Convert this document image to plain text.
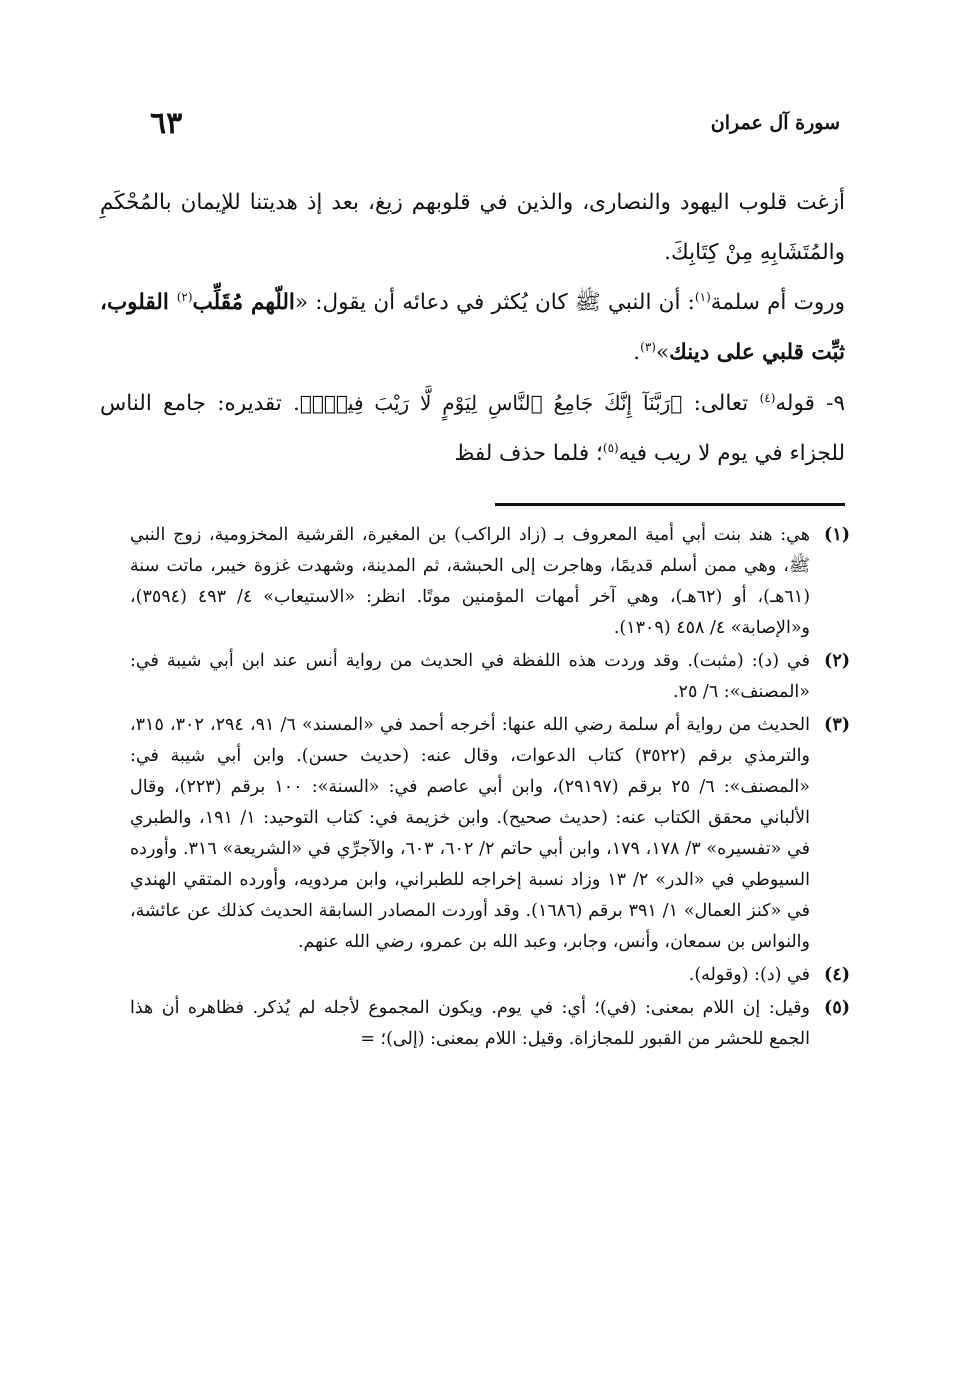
سورة آل عمران
٦٣

أزغت قلوب اليهود والنصارى، والذين في قلوبهم زيغ، بعد إذ هديتنا للإيمان بالمُحْكَمِ والمُتَشَابِهِ مِنْ كِتَابِكَ.

وروت أم سلمة$^{(١)}$: أن النبي ﷺ كان يُكثر في دعائه أن يقول: «اللّهم مُقَلِّب$^{(٢)}$ القلوب، ثبِّت قلبي على دينك»$^{(٣)}$.

٩- قوله$^{(٤)}$ تعالى: ﴿رَبَّنَآ إِنَّكَ جَامِعُ ٱلنَّاسِ لِيَوْمٍ لَّا رَيْبَ فِيهِۚ﴾. تقديره: جامع الناس للجزاء في يوم لا ريب فيه$^{(٥)}$؛ فلما حذف لفظ

(١)
هي: هند بنت أبي أمية المعروف بـ (زاد الراكب) بن المغيرة، القرشية المخزومية، زوج النبي ﷺ، وهي ممن أسلم قديمًا، وهاجرت إلى الحبشة، ثم المدينة، وشهدت غزوة خيبر، ماتت سنة (٦١هـ)، أو (٦٢هـ)، وهي آخر أمهات المؤمنين موتًا. انظر: «الاستيعاب» ٤/ ٤٩٣ (٣٥٩٤)، و«الإصابة» ٤/ ٤٥٨ (١٣٠٩).

(٢)
في (د): (مثبت). وقد وردت هذه اللفظة في الحديث من رواية أنس عند ابن أبي شيبة في: «المصنف»: ٦/ ٢٥.

(٣)
الحديث من رواية أم سلمة رضي الله عنها: أخرجه أحمد في «المسند» ٦/ ٩١، ٢٩٤، ٣٠٢، ٣١٥، والترمذي برقم (٣٥٢٢) كتاب الدعوات، وقال عنه: (حديث حسن). وابن أبي شيبة في: «المصنف»: ٦/ ٢٥ برقم (٢٩١٩٧)، وابن أبي عاصم في: «السنة»: ١٠٠ برقم (٢٢٣)، وقال الألباني محقق الكتاب عنه: (حديث صحيح). وابن خزيمة في: كتاب التوحيد: ١/ ١٩١، والطبري في «تفسيره» ٣/ ١٧٨، ١٧٩، وابن أبي حاتم ٢/ ٦٠٢، ٦٠٣، والآجرِّي في «الشريعة» ٣١٦. وأورده السيوطي في «الدر» ٢/ ١٣ وزاد نسبة إخراجه للطبراني، وابن مردويه، وأورده المتقي الهندي في «كنز العمال» ١/ ٣٩١ برقم (١٦٨٦). وقد أوردت المصادر السابقة الحديث كذلك عن عائشة، والنواس بن سمعان، وأنس، وجابر، وعبد الله بن عمرو، رضي الله عنهم.

(٤)
في (د): (وقوله).

(٥)
وقيل: إن اللام بمعنى: (في)؛ أي: في يوم. ويكون المجموع لأجله لم يُذكر. فظاهره أن هذا الجمع للحشر من القبور للمجازاة. وقيل: اللام بمعنى: (إلى)؛ =
